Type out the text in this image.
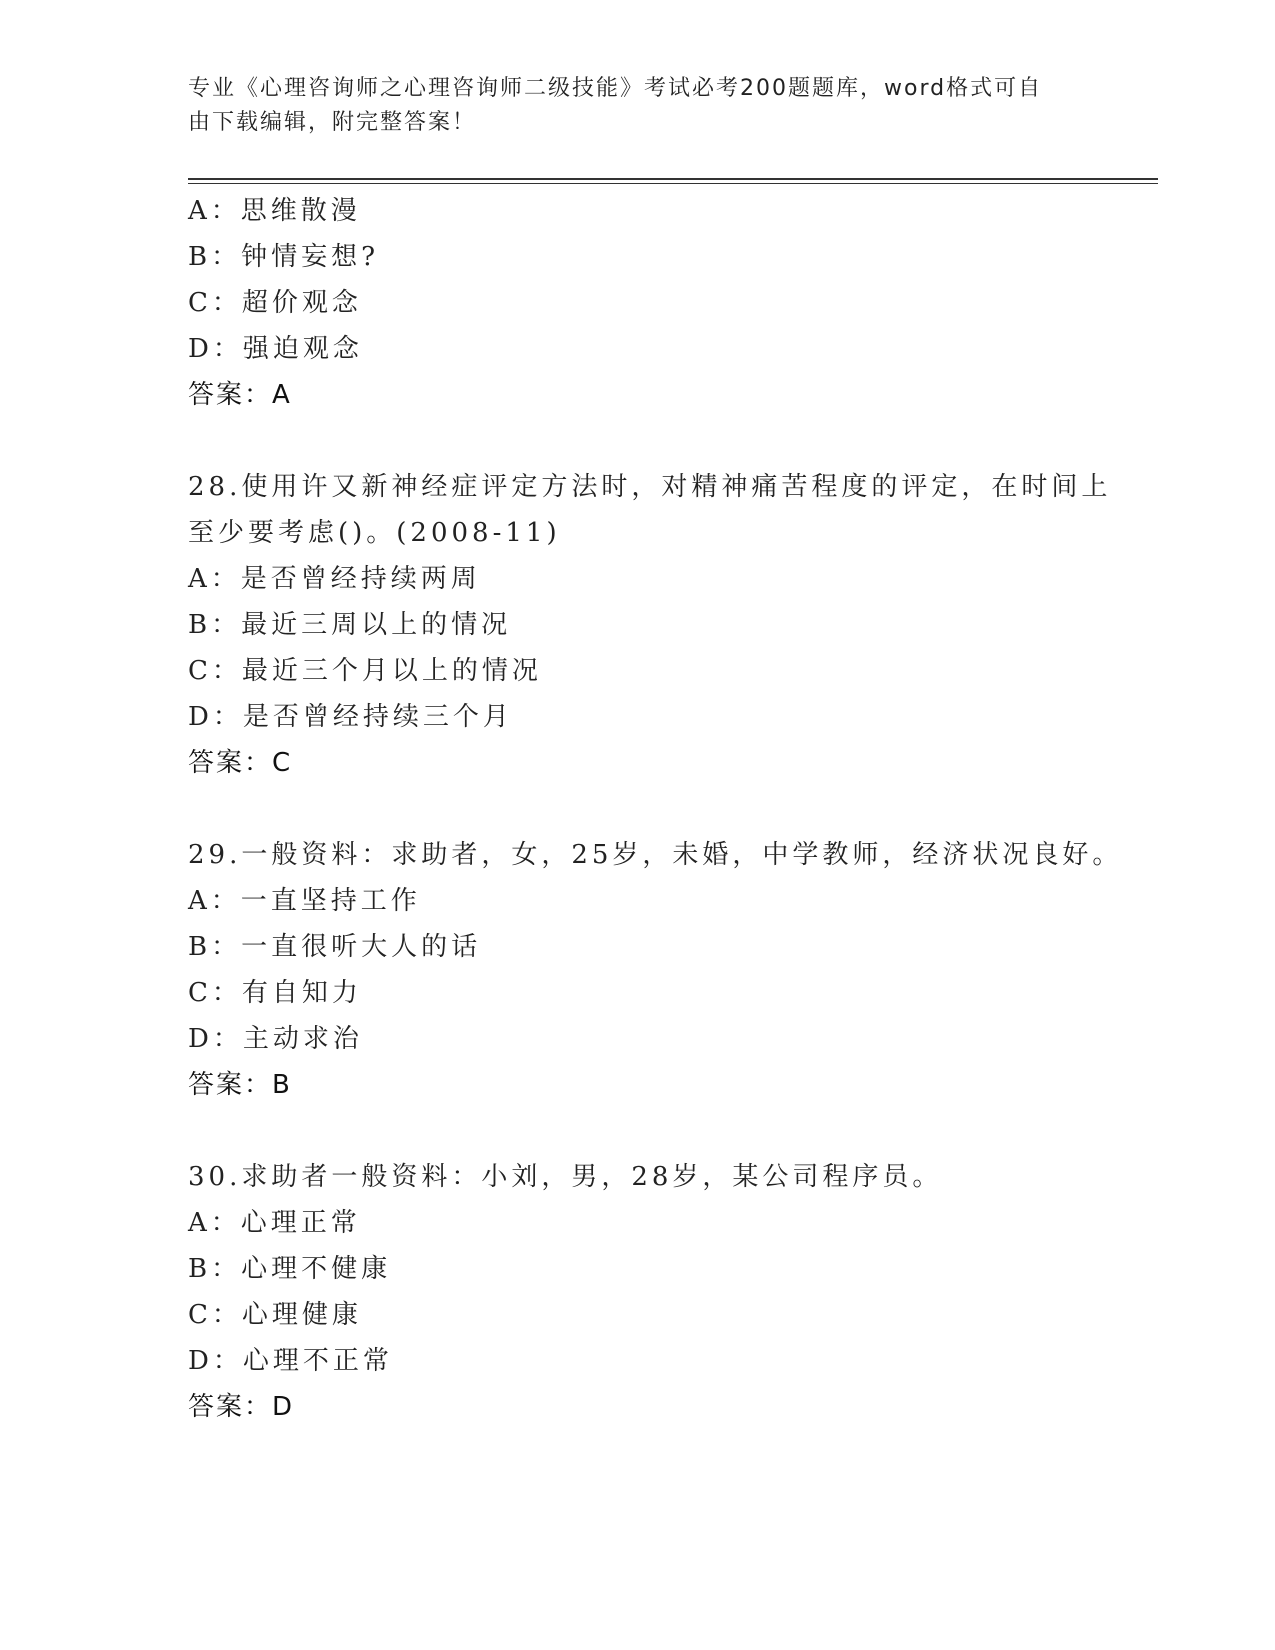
专业《心理咨询师之心理咨询师二级技能》考试必考200题题库，word格式可自
由下载编辑，附完整答案！
A：思维散漫
B：钟情妄想?
C：超价观念
D：强迫观念
答案：A
28.使用许又新神经症评定方法时，对精神痛苦程度的评定，在时间上
至少要考虑()。(2008-11)
A：是否曾经持续两周
B：最近三周以上的情况
C：最近三个月以上的情况
D：是否曾经持续三个月
答案：C
29.一般资料：求助者，女，25岁，未婚，中学教师，经济状况良好。
A：一直坚持工作
B：一直很听大人的话
C：有自知力
D：主动求治
答案：B
30.求助者一般资料：小刘，男，28岁，某公司程序员。
A：心理正常
B：心理不健康
C：心理健康
D：心理不正常
答案：D
